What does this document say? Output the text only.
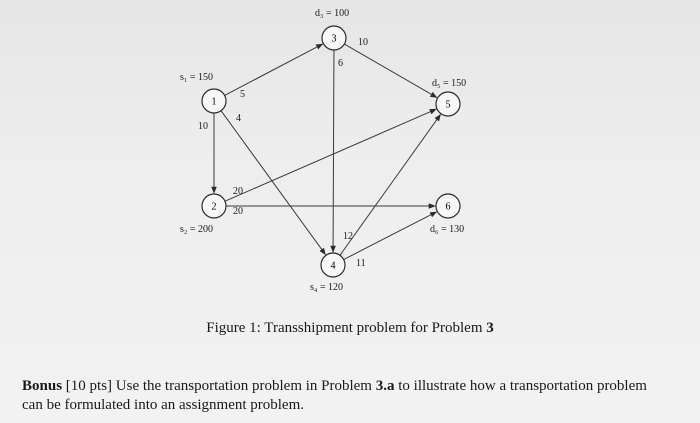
5
10
4
10
6
20
20
12
11
1
2
3
4
5
6
s₁ = 150
s₂ = 200
d₃ = 100
s₄ = 120
d₅ = 150
d₆ = 130
Figure 1: Transshipment problem for Problem 3
Bonus [10 pts] Use the transportation problem in Problem 3.a to illustrate how a transportation problem can be formulated into an assignment problem.
